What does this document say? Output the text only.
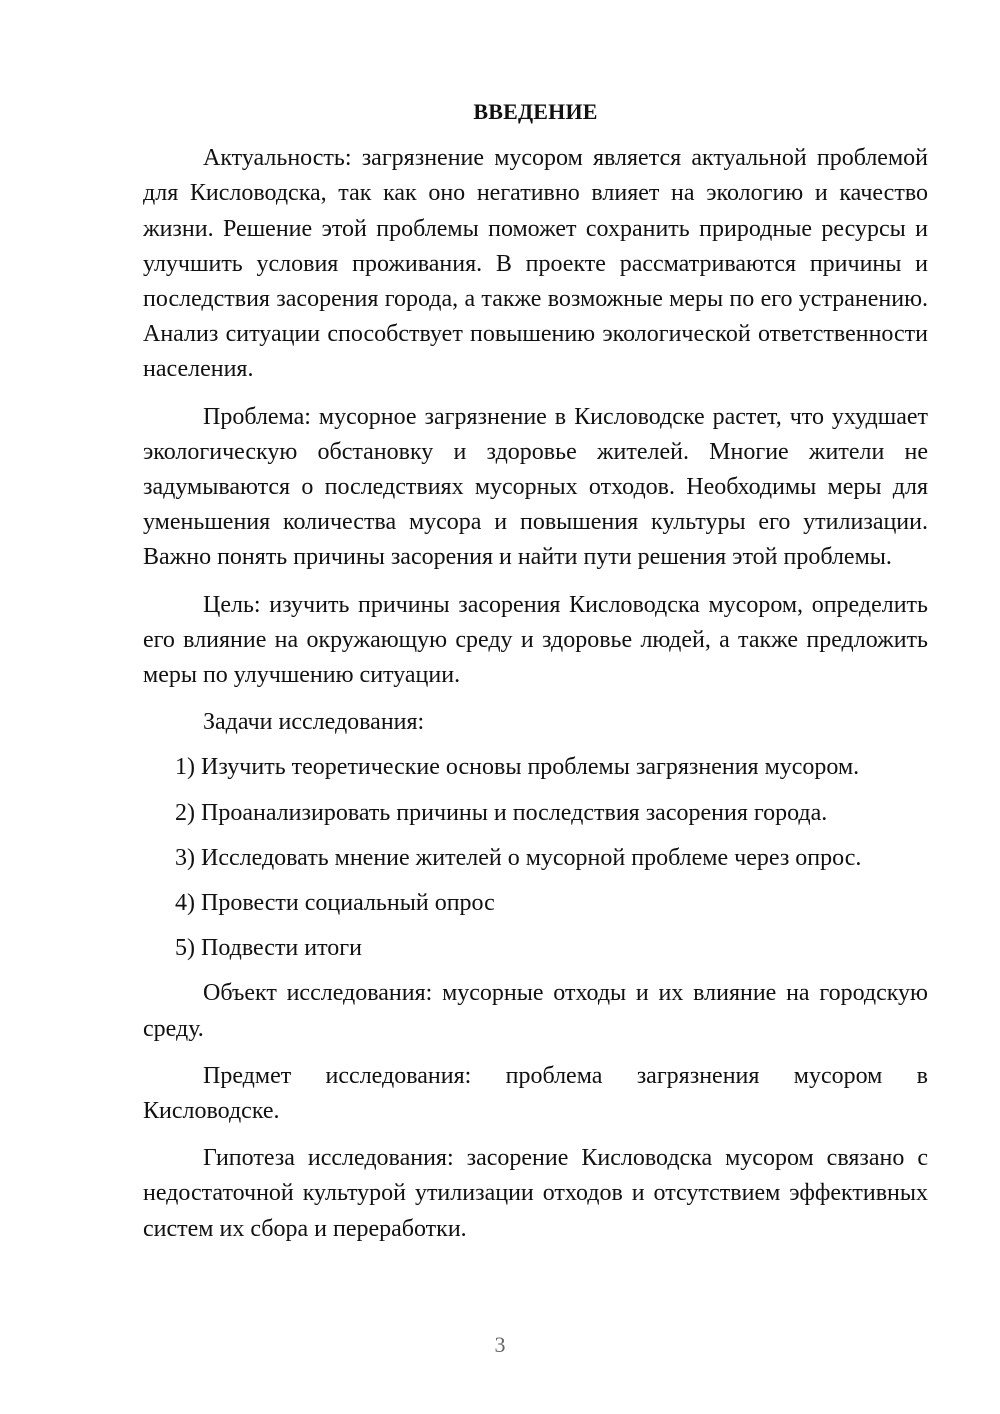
ВВЕДЕНИЕ

Актуальность: загрязнение мусором является актуальной проблемой для Кисловодска, так как оно негативно влияет на экологию и качество жизни. Решение этой проблемы поможет сохранить природные ресурсы и улучшить условия проживания. В проекте рассматриваются причины и последствия засорения города, а также возможные меры по его устранению. Анализ ситуации способствует повышению экологической ответственности населения.

Проблема: мусорное загрязнение в Кисловодске растет, что ухудшает экологическую обстановку и здоровье жителей. Многие жители не задумываются о последствиях мусорных отходов. Необходимы меры для уменьшения количества мусора и повышения культуры его утилизации. Важно понять причины засорения и найти пути решения этой проблемы.

Цель: изучить причины засорения Кисловодска мусором, определить его влияние на окружающую среду и здоровье людей, а также предложить меры по улучшению ситуации.

Задачи исследования:

1) Изучить теоретические основы проблемы загрязнения мусором.
2) Проанализировать причины и последствия засорения города.
3) Исследовать мнение жителей о мусорной проблеме через опрос.
4) Провести социальный опрос
5) Подвести итоги

Объект исследования: мусорные отходы и их влияние на городскую среду.

Предмет исследования: проблема загрязнения мусором в Кисловодске.

Гипотеза исследования: засорение Кисловодска мусором связано с недостаточной культурой утилизации отходов и отсутствием эффективных систем их сбора и переработки.

3
